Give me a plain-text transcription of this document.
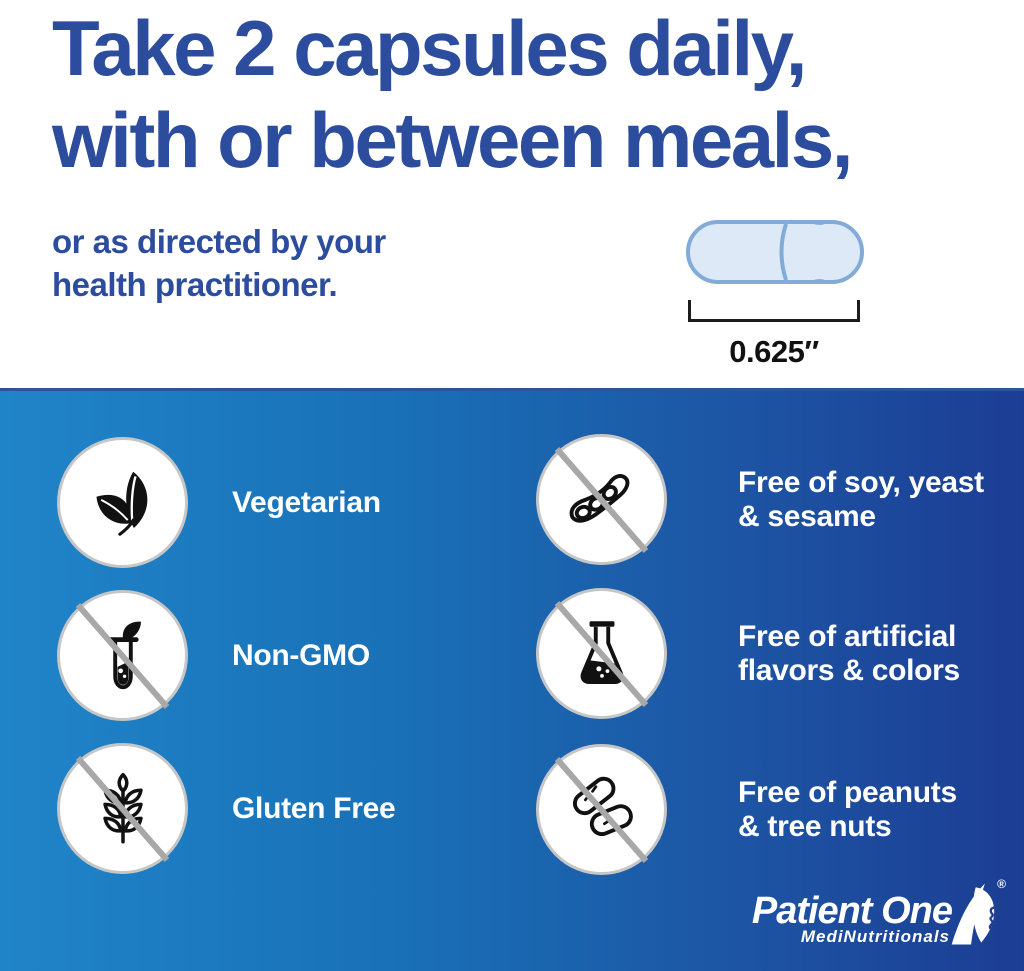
Take 2 capsules daily,
with or between meals,

or as directed by your
health practitioner.

0.625″
Vegetarian
Non-GMO
Gluten Free
Free of soy, yeast
& sesame
Free of artificial
flavors & colors
Free of peanuts
& tree nuts
Patient One
MediNutritionals
®
